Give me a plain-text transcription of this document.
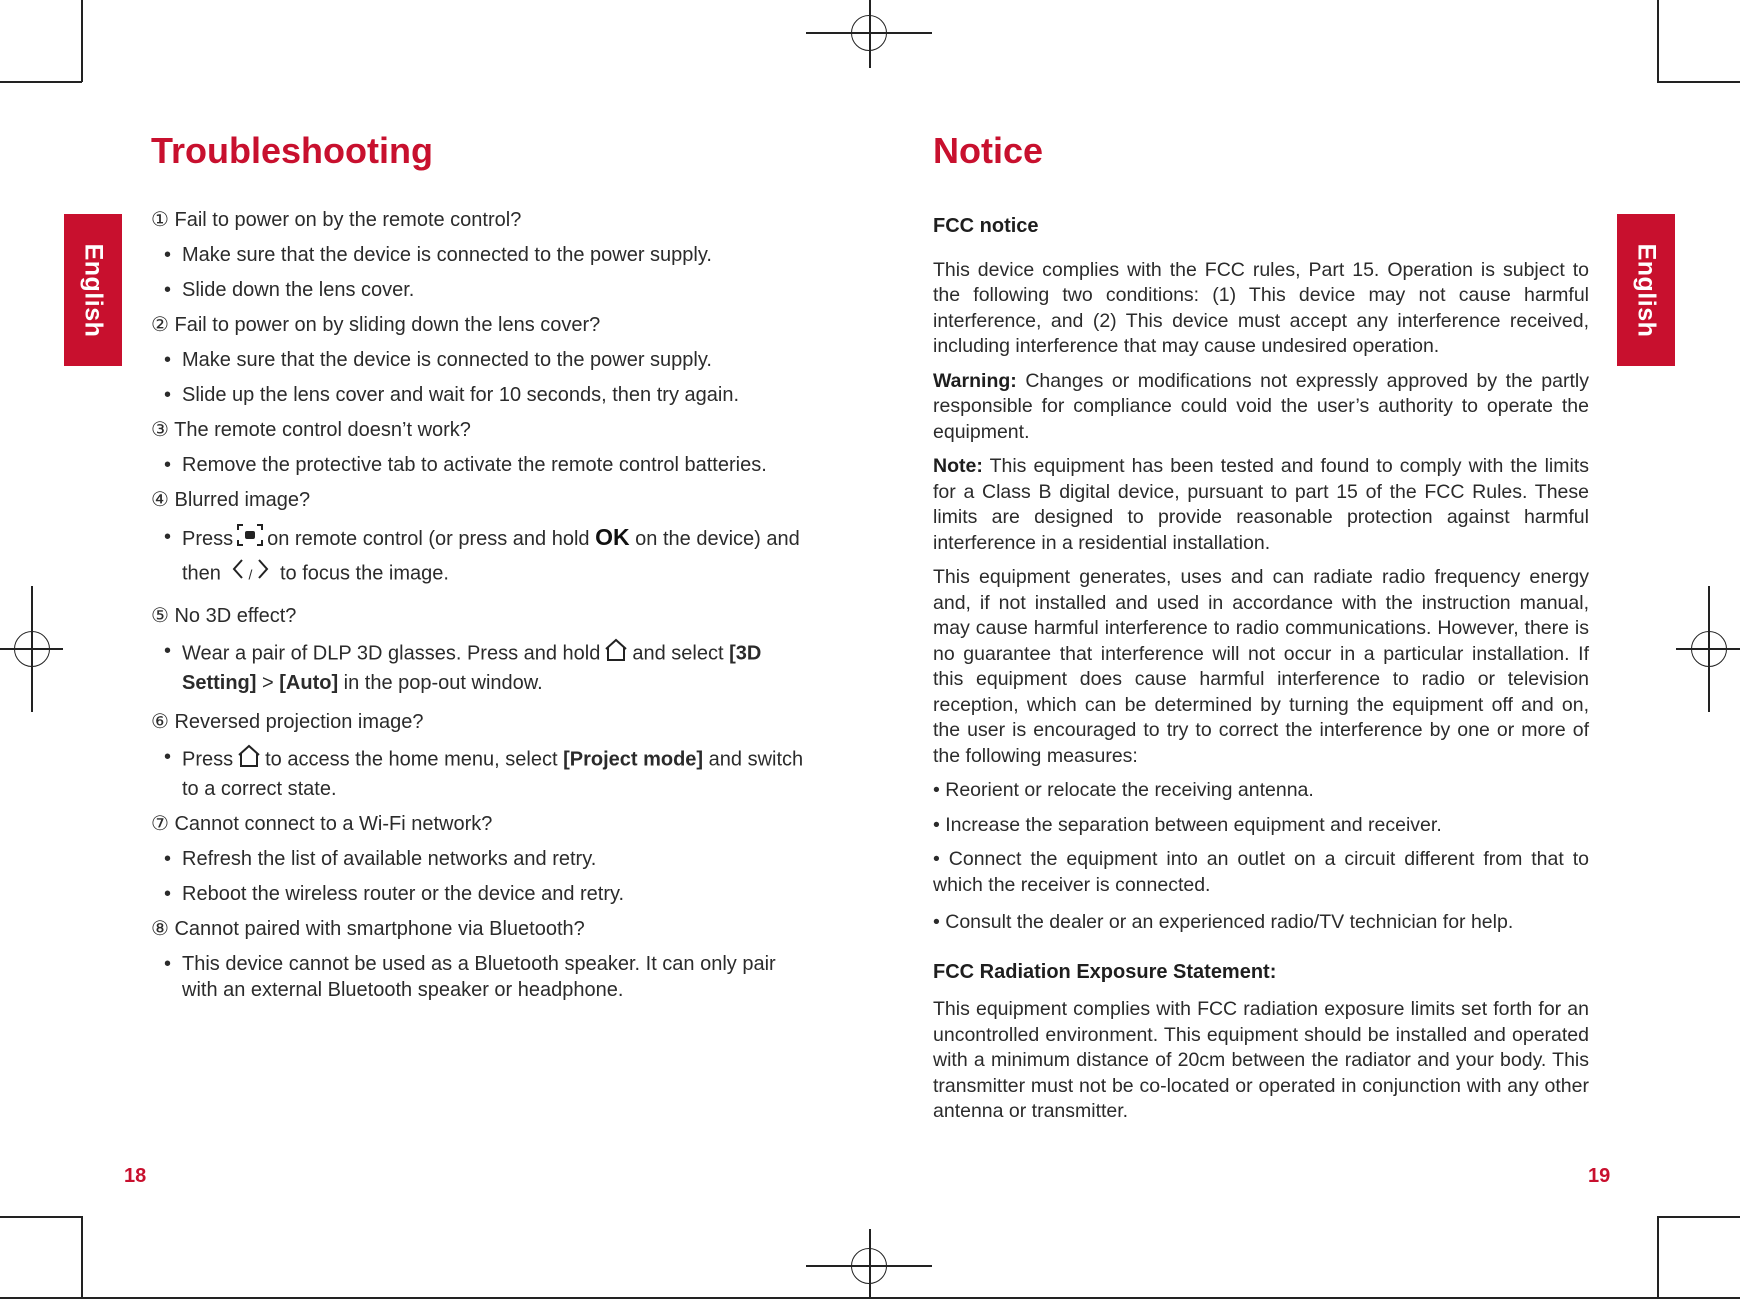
English	English
Troubleshooting	Notice

① Fail to power on by the remote control?

• Make sure that the device is connected to the power supply.

• Slide down the lens cover.

② Fail to power on by sliding down the lens cover?

• Make sure that the device is connected to the power supply.

• Slide up the lens cover and wait for 10 seconds, then try again.

③ The remote control doesn’t work?

• Remove the protective tab to activate the remote control batteries.

④ Blurred image?

• Press on remote control (or press and hold OK on the device) and
then / to focus the image.

⑤ No 3D effect?

• Wear a pair of DLP 3D glasses. Press and hold and select [3D Setting] > [Auto] in the pop-out window.

⑥ Reversed projection image?

• Press to access the home menu, select [Project mode] and switch to a correct state.

⑦ Cannot connect to a Wi-Fi network?

• Refresh the list of available networks and retry.

• Reboot the wireless router or the device and retry.

⑧ Cannot paired with smartphone via Bluetooth?

• This device cannot be used as a Bluetooth speaker. It can only pair with an external Bluetooth speaker or headphone.

FCC notice

This device complies with the FCC rules, Part 15. Operation is subject to the following two conditions: (1) This device may not cause harmful interference, and (2) This device must accept any interference received, including interference that may cause undesired operation.

Warning: Changes or modifications not expressly approved by the partly responsible for compliance could void the user’s authority to operate the equipment.

Note: This equipment has been tested and found to comply with the limits for a Class B digital device, pursuant to part 15 of the FCC Rules. These limits are designed to provide reasonable protection against harmful interference in a residential installation.

This equipment generates, uses and can radiate radio frequency energy and, if not installed and used in accordance with the instruction manual, may cause harmful interference to radio communications. However, there is no guarantee that interference will not occur in a particular installation. If this equipment does cause harmful interference to radio or television reception, which can be determined by turning the equipment off and on, the user is encouraged to try to correct the interference by one or more of the following measures:

• Reorient or relocate the receiving antenna.

• Increase the separation between equipment and receiver.

• Connect the equipment into an outlet on a circuit different from that to which the receiver is connected.

• Consult the dealer or an experienced radio/TV technician for help.

FCC Radiation Exposure Statement:

This equipment complies with FCC radiation exposure limits set forth for an uncontrolled environment. This equipment should be installed and operated with a minimum distance of 20cm between the radiator and your body. This transmitter must not be co-located or operated in conjunction with any other antenna or transmitter.

18	19
